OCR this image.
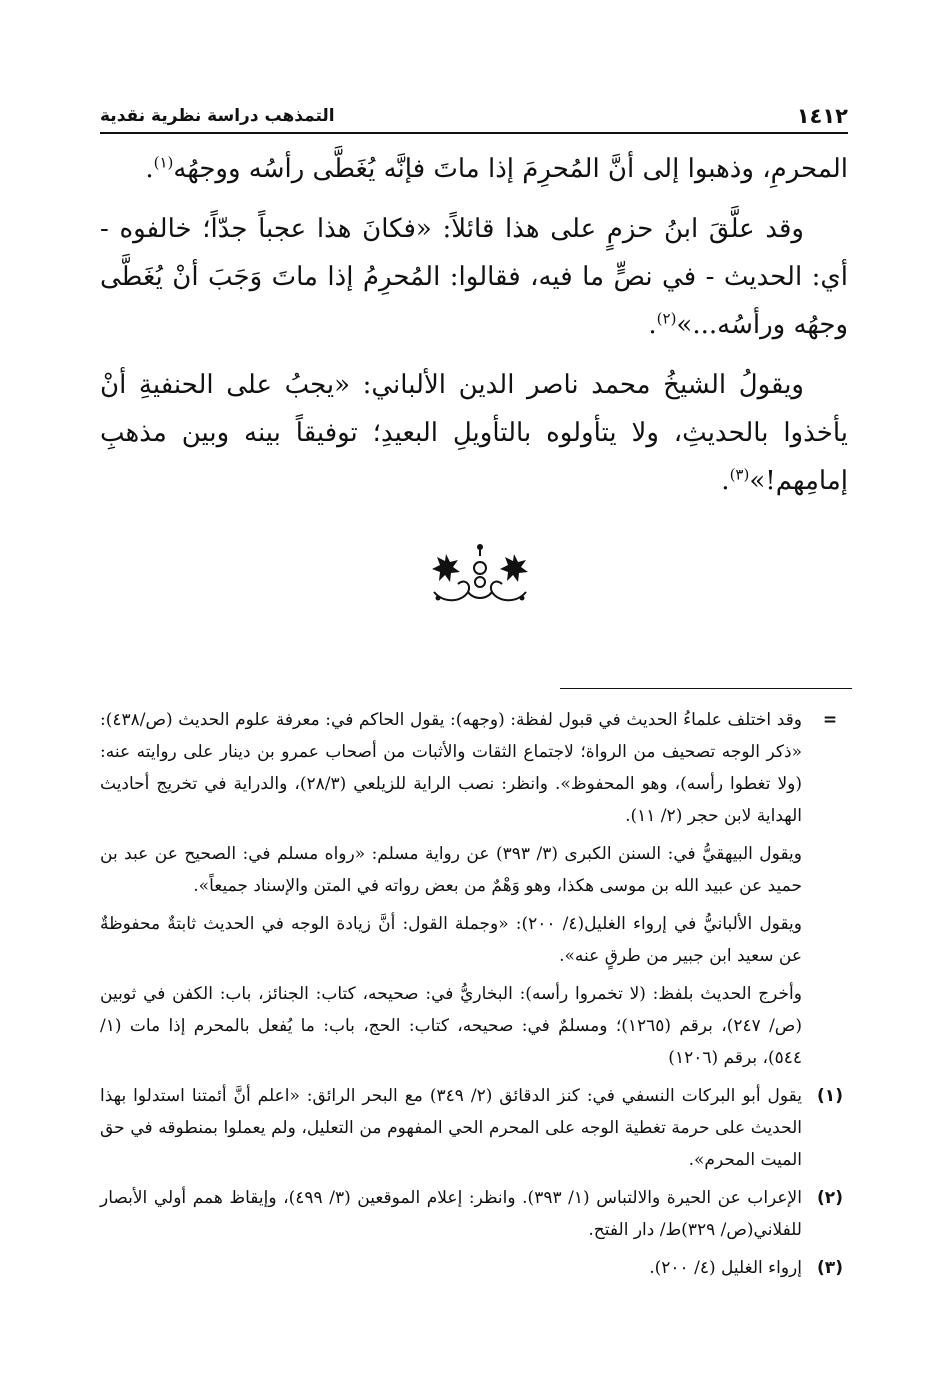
١٤١٢
التمذهب دراسة نظرية نقدية

المحرمِ، وذهبوا إلى أنَّ المُحرِمَ إذا ماتَ فإنَّه يُغَطَّى رأسُه ووجهُه$^{(١)}$.

وقد علَّقَ ابنُ حزمٍ على هذا قائلاً: «فكانَ هذا عجباً جدّاً؛ خالفوه - أي: الحديث - في نصٍّ ما فيه، فقالوا: المُحرِمُ إذا ماتَ وَجَبَ أنْ يُغَطَّى وجهُه ورأسُه...»$^{(٢)}$.

ويقولُ الشيخُ محمد ناصر الدين الألباني: «يجبُ على الحنفيةِ أنْ يأخذوا بالحديثِ، ولا يتأولوه بالتأويلِ البعيدِ؛ توفيقاً بينه وبين مذهبِ إمامِهم!»$^{(٣)}$.

=

وقد اختلف علماءُ الحديث في قبول لفظة: (وجهه): يقول الحاكم في: معرفة علوم الحديث (ص/٤٣٨): «ذكر الوجه تصحيف من الرواة؛ لاجتماع الثقات والأثبات من أصحاب عمرو بن دينار على روايته عنه: (ولا تغطوا رأسه)، وهو المحفوظ». وانظر: نصب الراية للزيلعي (٢٨/٣)، والدراية في تخريج أحاديث الهداية لابن حجر (٢/ ١١).

ويقول البيهقيُّ في: السنن الكبرى (٣/ ٣٩٣) عن رواية مسلم: «رواه مسلم في: الصحيح عن عبد بن حميد عن عبيد الله بن موسى هكذا، وهو وَهْمٌ من بعض رواته في المتن والإسناد جميعاً».

ويقول الألبانيُّ في إرواء الغليل(٤/ ٢٠٠): «وجملة القول: أنَّ زيادة الوجه في الحديث ثابتةٌ محفوظةٌ عن سعيد ابن جبير من طرقٍ عنه».

وأخرج الحديث بلفظ: (لا تخمروا رأسه): البخاريُّ في: صحيحه، كتاب: الجنائز، باب: الكفن في ثوبين (ص/ ٢٤٧)، برقم (١٢٦٥)؛ ومسلمٌ في: صحيحه، كتاب: الحج، باب: ما يُفعل بالمحرم إذا مات (١/ ٥٤٤)، برقم (١٢٠٦)

(١)

يقول أبو البركات النسفي في: كنز الدقائق (٢/ ٣٤٩) مع البحر الرائق: «اعلم أنَّ أئمتنا استدلوا بهذا الحديث على حرمة تغطية الوجه على المحرم الحي المفهوم من التعليل، ولم يعملوا بمنطوقه في حق الميت المحرم».

(٢)

الإعراب عن الحيرة والالتباس (١/ ٣٩٣). وانظر: إعلام الموقعين (٣/ ٤٩٩)، وإيقاظ همم أولي الأبصار للفلاني(ص/ ٣٢٩)ط/ دار الفتح.

(٣)

إرواء الغليل (٤/ ٢٠٠).
